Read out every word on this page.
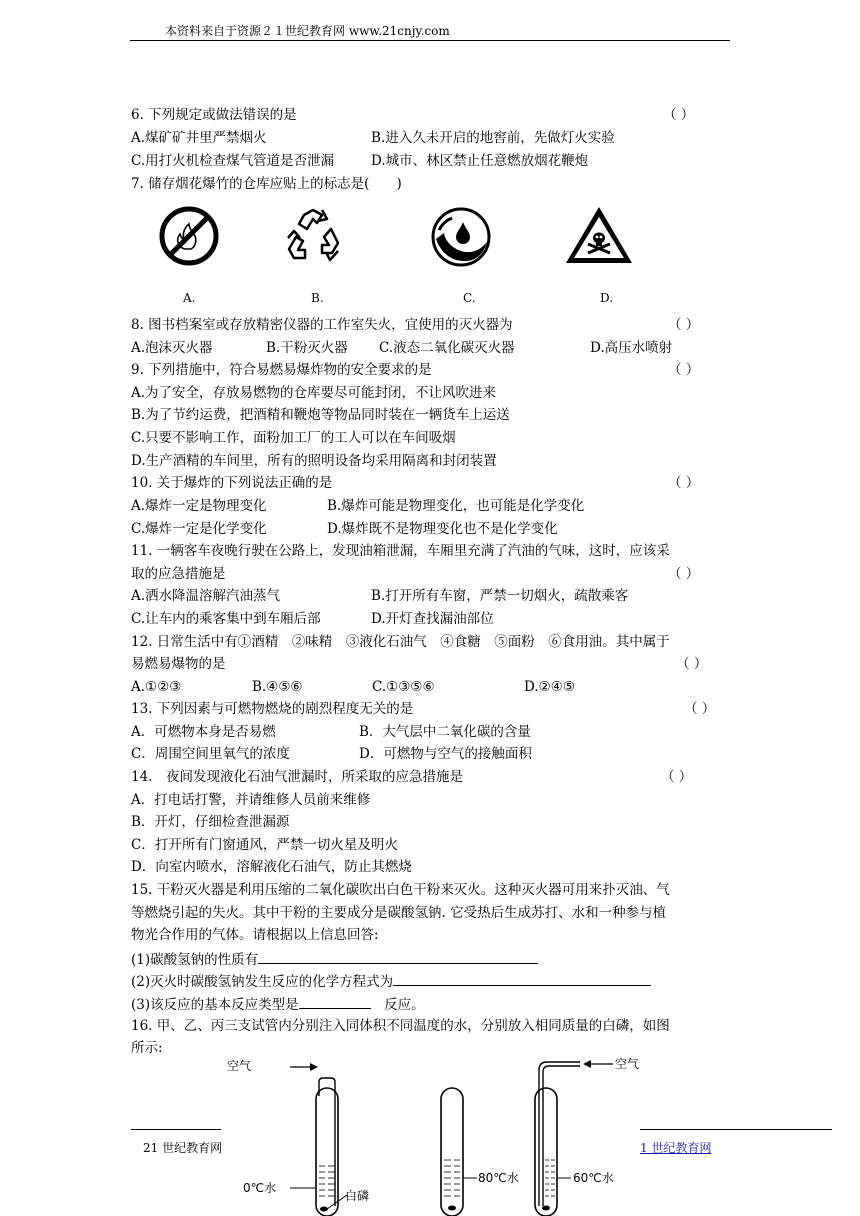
本资料来自于资源２１世纪教育网 www.21cnjy.com
6. 下列规定或做法错误的是	（ ）
A.煤矿矿井里严禁烟火	B.进入久未开启的地窖前，先做灯火实验
C.用打火机检查煤气管道是否泄漏	D.城市、林区禁止任意燃放烟花鞭炮
7. 储存烟花爆竹的仓库应贴上的标志是(　　)
A.	B.	C.	D.
8. 图书档案室或存放精密仪器的工作室失火，宜使用的灭火器为	（ ）
A.泡沫灭火器	B.干粉灭火器 C.液态二氧化碳灭火器	D.高压水喷射
9. 下列措施中，符合易燃易爆炸物的安全要求的是	（ ）
A.为了安全，存放易燃物的仓库要尽可能封闭，不让风吹进来
B.为了节约运费，把酒精和鞭炮等物品同时装在一辆货车上运送
C.只要不影响工作，面粉加工厂的工人可以在车间吸烟
D.生产酒精的车间里，所有的照明设备均采用隔离和封闭装置
10. 关于爆炸的下列说法正确的是	（ ）
A.爆炸一定是物理变化	B.爆炸可能是物理变化，也可能是化学变化
C.爆炸一定是化学变化	D.爆炸既不是物理变化也不是化学变化
11. 一辆客车夜晚行驶在公路上，发现油箱泄漏，车厢里充满了汽油的气味，这时，应该采
取的应急措施是	（ ）
A.洒水降温溶解汽油蒸气	B.打开所有车窗，严禁一切烟火，疏散乘客
C.让车内的乘客集中到车厢后部	D.开灯查找漏油部位
12. 日常生活中有①酒精　②味精　③液化石油气　④食糖　⑤面粉　⑥食用油。其中属于
易燃易爆物的是	（ ）
A.①②③	B.④⑤⑥	C.①③⑤⑥	D.②④⑤
13. 下列因素与可燃物燃烧的剧烈程度无关的是	（ ）
A．可燃物本身是否易燃	B．大气层中二氧化碳的含量
C．周围空间里氧气的浓度	D．可燃物与空气的接触面积
14.　夜间发现液化石油气泄漏时，所采取的应急措施是	（ ）
A．打电话打警，并请维修人员前来维修
B．开灯，仔细检查泄漏源
C．打开所有门窗通风，严禁一切火星及明火
D．向室内喷水，溶解液化石油气，防止其燃烧
15. 干粉灭火器是利用压缩的二氧化碳吹出白色干粉来灭火。这种灭火器可用来扑灭油、气
等燃烧引起的失火。其中干粉的主要成分是碳酸氢钠. 它受热后生成苏打、水和一种参与植
物光合作用的气体。请根据以上信息回答:
(1)碳酸氢钠的性质有
(2)灭火时碳酸氢钠发生反应的化学方程式为
(3)该反应的基本反应类型是　	反应。
16. 甲、乙、丙三支试管内分别注入同体积不同温度的水，分别放入相同质量的白磷，如图
所示:
空气
0℃水
白磷
80℃水
空气
60℃水
21 世纪教育网	1 世纪教育网
